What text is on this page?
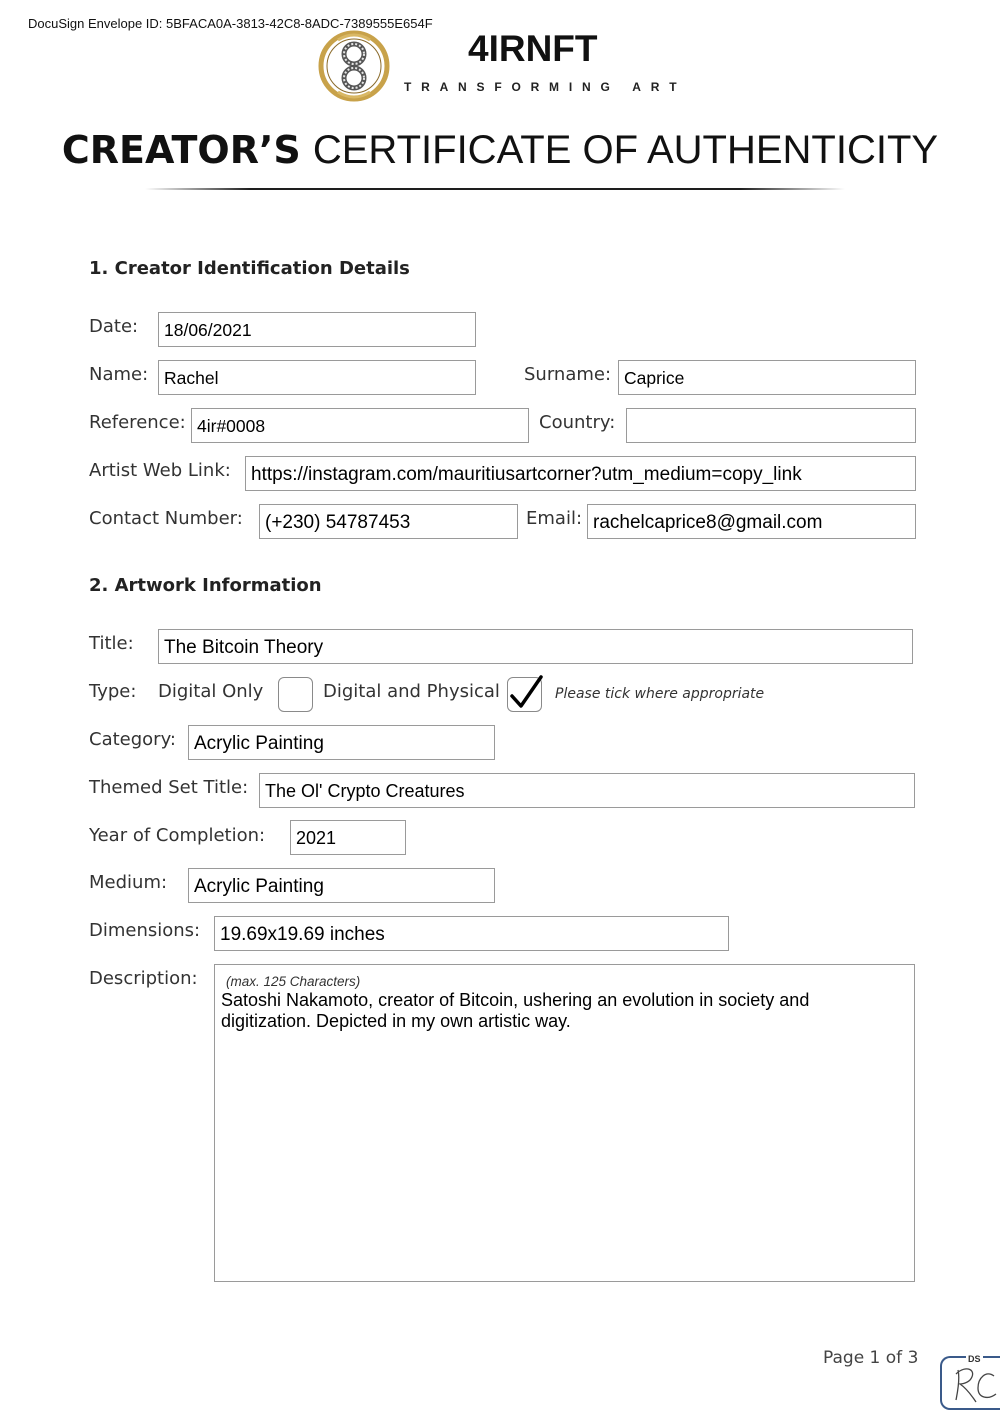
DocuSign Envelope ID: 5BFACA0A-3813-42C8-8ADC-7389555E654F
4IRNFT
TRANSFORMING ART
CREATOR’S CERTIFICATE OF AUTHENTICITY
1. Creator Identification Details
Date:	18/06/2021
Name: Rachel	Surname: Caprice
Reference: 4ir#0008	Country:
Artist Web Link:	https://instagram.com/mauritiusartcorner?utm_medium=copy_link
Contact Number:	(+230) 54787453	Email: rachelcaprice8@gmail.com
2. Artwork Information
Title:	The Bitcoin Theory
Type: Digital Only	Digital and Physical	Please tick where appropriate
Category: Acrylic Painting
Themed Set Title: The Ol' Crypto Creatures
Year of Completion:	2021
Medium:	Acrylic Painting
Dimensions:	19.69x19.69 inches
Description: (max. 125 Characters)
Satoshi Nakamoto, creator of Bitcoin, ushering an evolution in society and digitization. Depicted in my own artistic way.
Page 1 of 3	DS
